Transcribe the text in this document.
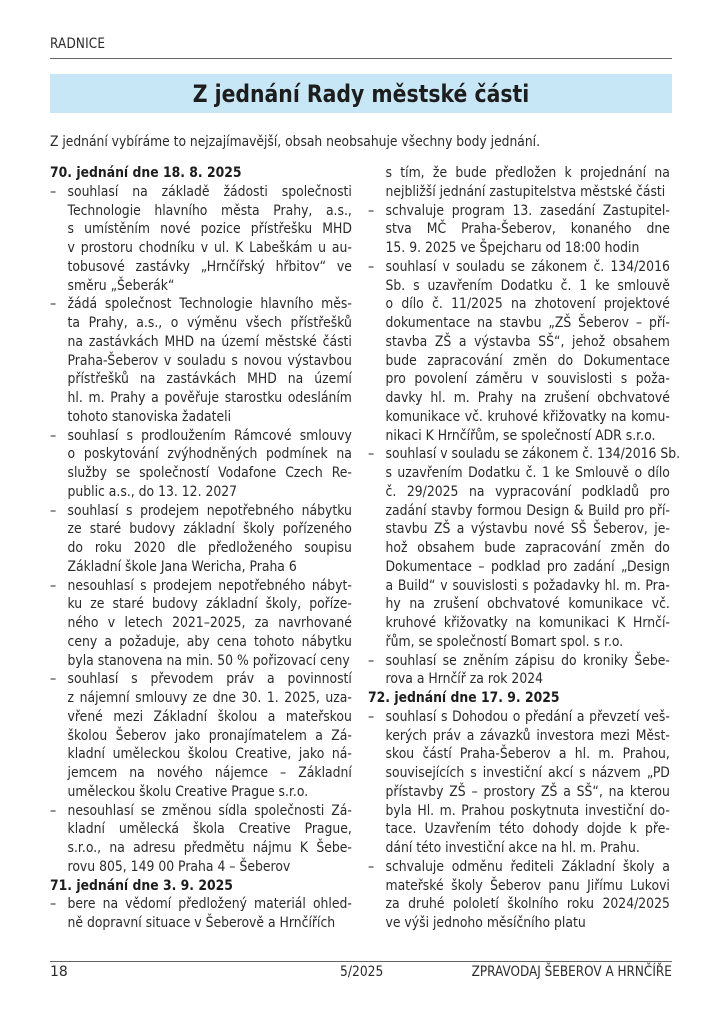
RADNICE
Z jednání Rady městské části
Z jednání vybíráme to nejzajímavější, obsah neobsahuje všechny body jednání.
70. jednání dne 18. 8. 2025
– souhlasí na základě žádosti společnosti
Technologie hlavního města Prahy, a.s.,
s umístěním nové pozice přístřešku MHD
v prostoru chodníku v ul. K Labeškám u au-
tobusové zastávky „Hrnčířský hřbitov“ ve
směru „Šeberák“
– žádá společnost Technologie hlavního měs-
ta Prahy, a.s., o výměnu všech přístřešků
na zastávkách MHD na území městské části
Praha-Šeberov v souladu s novou výstavbou
přístřešků na zastávkách MHD na území
hl. m. Prahy a pověřuje starostku odesláním
tohoto stanoviska žadateli
– souhlasí s prodloužením Rámcové smlouvy
o poskytování zvýhodněných podmínek na
služby se společností Vodafone Czech Re-
public a.s., do 13. 12. 2027
– souhlasí s prodejem nepotřebného nábytku
ze staré budovy základní školy pořízeného
do roku 2020 dle předloženého soupisu
Základní škole Jana Wericha, Praha 6
– nesouhlasí s prodejem nepotřebného nábyt-
ku ze staré budovy základní školy, poříze-
ného v letech 2021–2025, za navrhované
ceny a požaduje, aby cena tohoto nábytku
byla stanovena na min. 50 % pořizovací ceny
– souhlasí s převodem práv a povinností
z nájemní smlouvy ze dne 30. 1. 2025, uza-
vřené mezi Základní školou a mateřskou
školou Šeberov jako pronajímatelem a Zá-
kladní uměleckou školou Creative, jako ná-
jemcem na nového nájemce – Základní
uměleckou školu Creative Prague s.r.o.
– nesouhlasí se změnou sídla společnosti Zá-
kladní umělecká škola Creative Prague,
s.r.o., na adresu předmětu nájmu K Šebe-
rovu 805, 149 00 Praha 4 – Šeberov
71. jednání dne 3. 9. 2025
– bere na vědomí předložený materiál ohled-
ně dopravní situace v Šeberově a Hrnčířích
s tím, že bude předložen k projednání na
nejbližší jednání zastupitelstva městské části
– schvaluje program 13. zasedání Zastupitel-
stva MČ Praha-Šeberov, konaného dne
15. 9. 2025 ve Špejcharu od 18:00 hodin
– souhlasí v souladu se zákonem č. 134/2016
Sb. s uzavřením Dodatku č. 1 ke smlouvě
o dílo č. 11/2025 na zhotovení projektové
dokumentace na stavbu „ZŠ Šeberov – pří-
stavba ZŠ a výstavba SŠ“, jehož obsahem
bude zapracování změn do Dokumentace
pro povolení záměru v souvislosti s poža-
davky hl. m. Prahy na zrušení obchvatové
komunikace vč. kruhové křižovatky na komu-
nikaci K Hrnčířům, se společností ADR s.r.o.
– souhlasí v souladu se zákonem č. 134/2016 Sb.
s uzavřením Dodatku č. 1 ke Smlouvě o dílo
č. 29/2025 na vypracování podkladů pro
zadání stavby formou Design & Build pro pří-
stavbu ZŠ a výstavbu nové SŠ Šeberov, je-
hož obsahem bude zapracování změn do
Dokumentace – podklad pro zadání „Design
a Build“ v souvislosti s požadavky hl. m. Pra-
hy na zrušení obchvatové komunikace vč.
kruhové křižovatky na komunikaci K Hrnčí-
řům, se společností Bomart spol. s r.o.
– souhlasí se zněním zápisu do kroniky Šebe-
rova a Hrnčíř za rok 2024
72. jednání dne 17. 9. 2025
– souhlasí s Dohodou o předání a převzetí veš-
kerých práv a závazků investora mezi Měst-
skou částí Praha-Šeberov a hl. m. Prahou,
souvisejících s investiční akcí s názvem „PD
přístavby ZŠ – prostory ZŠ a SŠ“, na kterou
byla Hl. m. Prahou poskytnuta investiční do-
tace. Uzavřením této dohody dojde k pře-
dání této investiční akce na hl. m. Prahu.
– schvaluje odměnu řediteli Základní školy a
mateřské školy Šeberov panu Jiřímu Lukovi
za druhé pololetí školního roku 2024/2025
ve výši jednoho měsíčního platu
18	5/2025	ZPRAVODAJ ŠEBEROV A HRNČÍŘE
